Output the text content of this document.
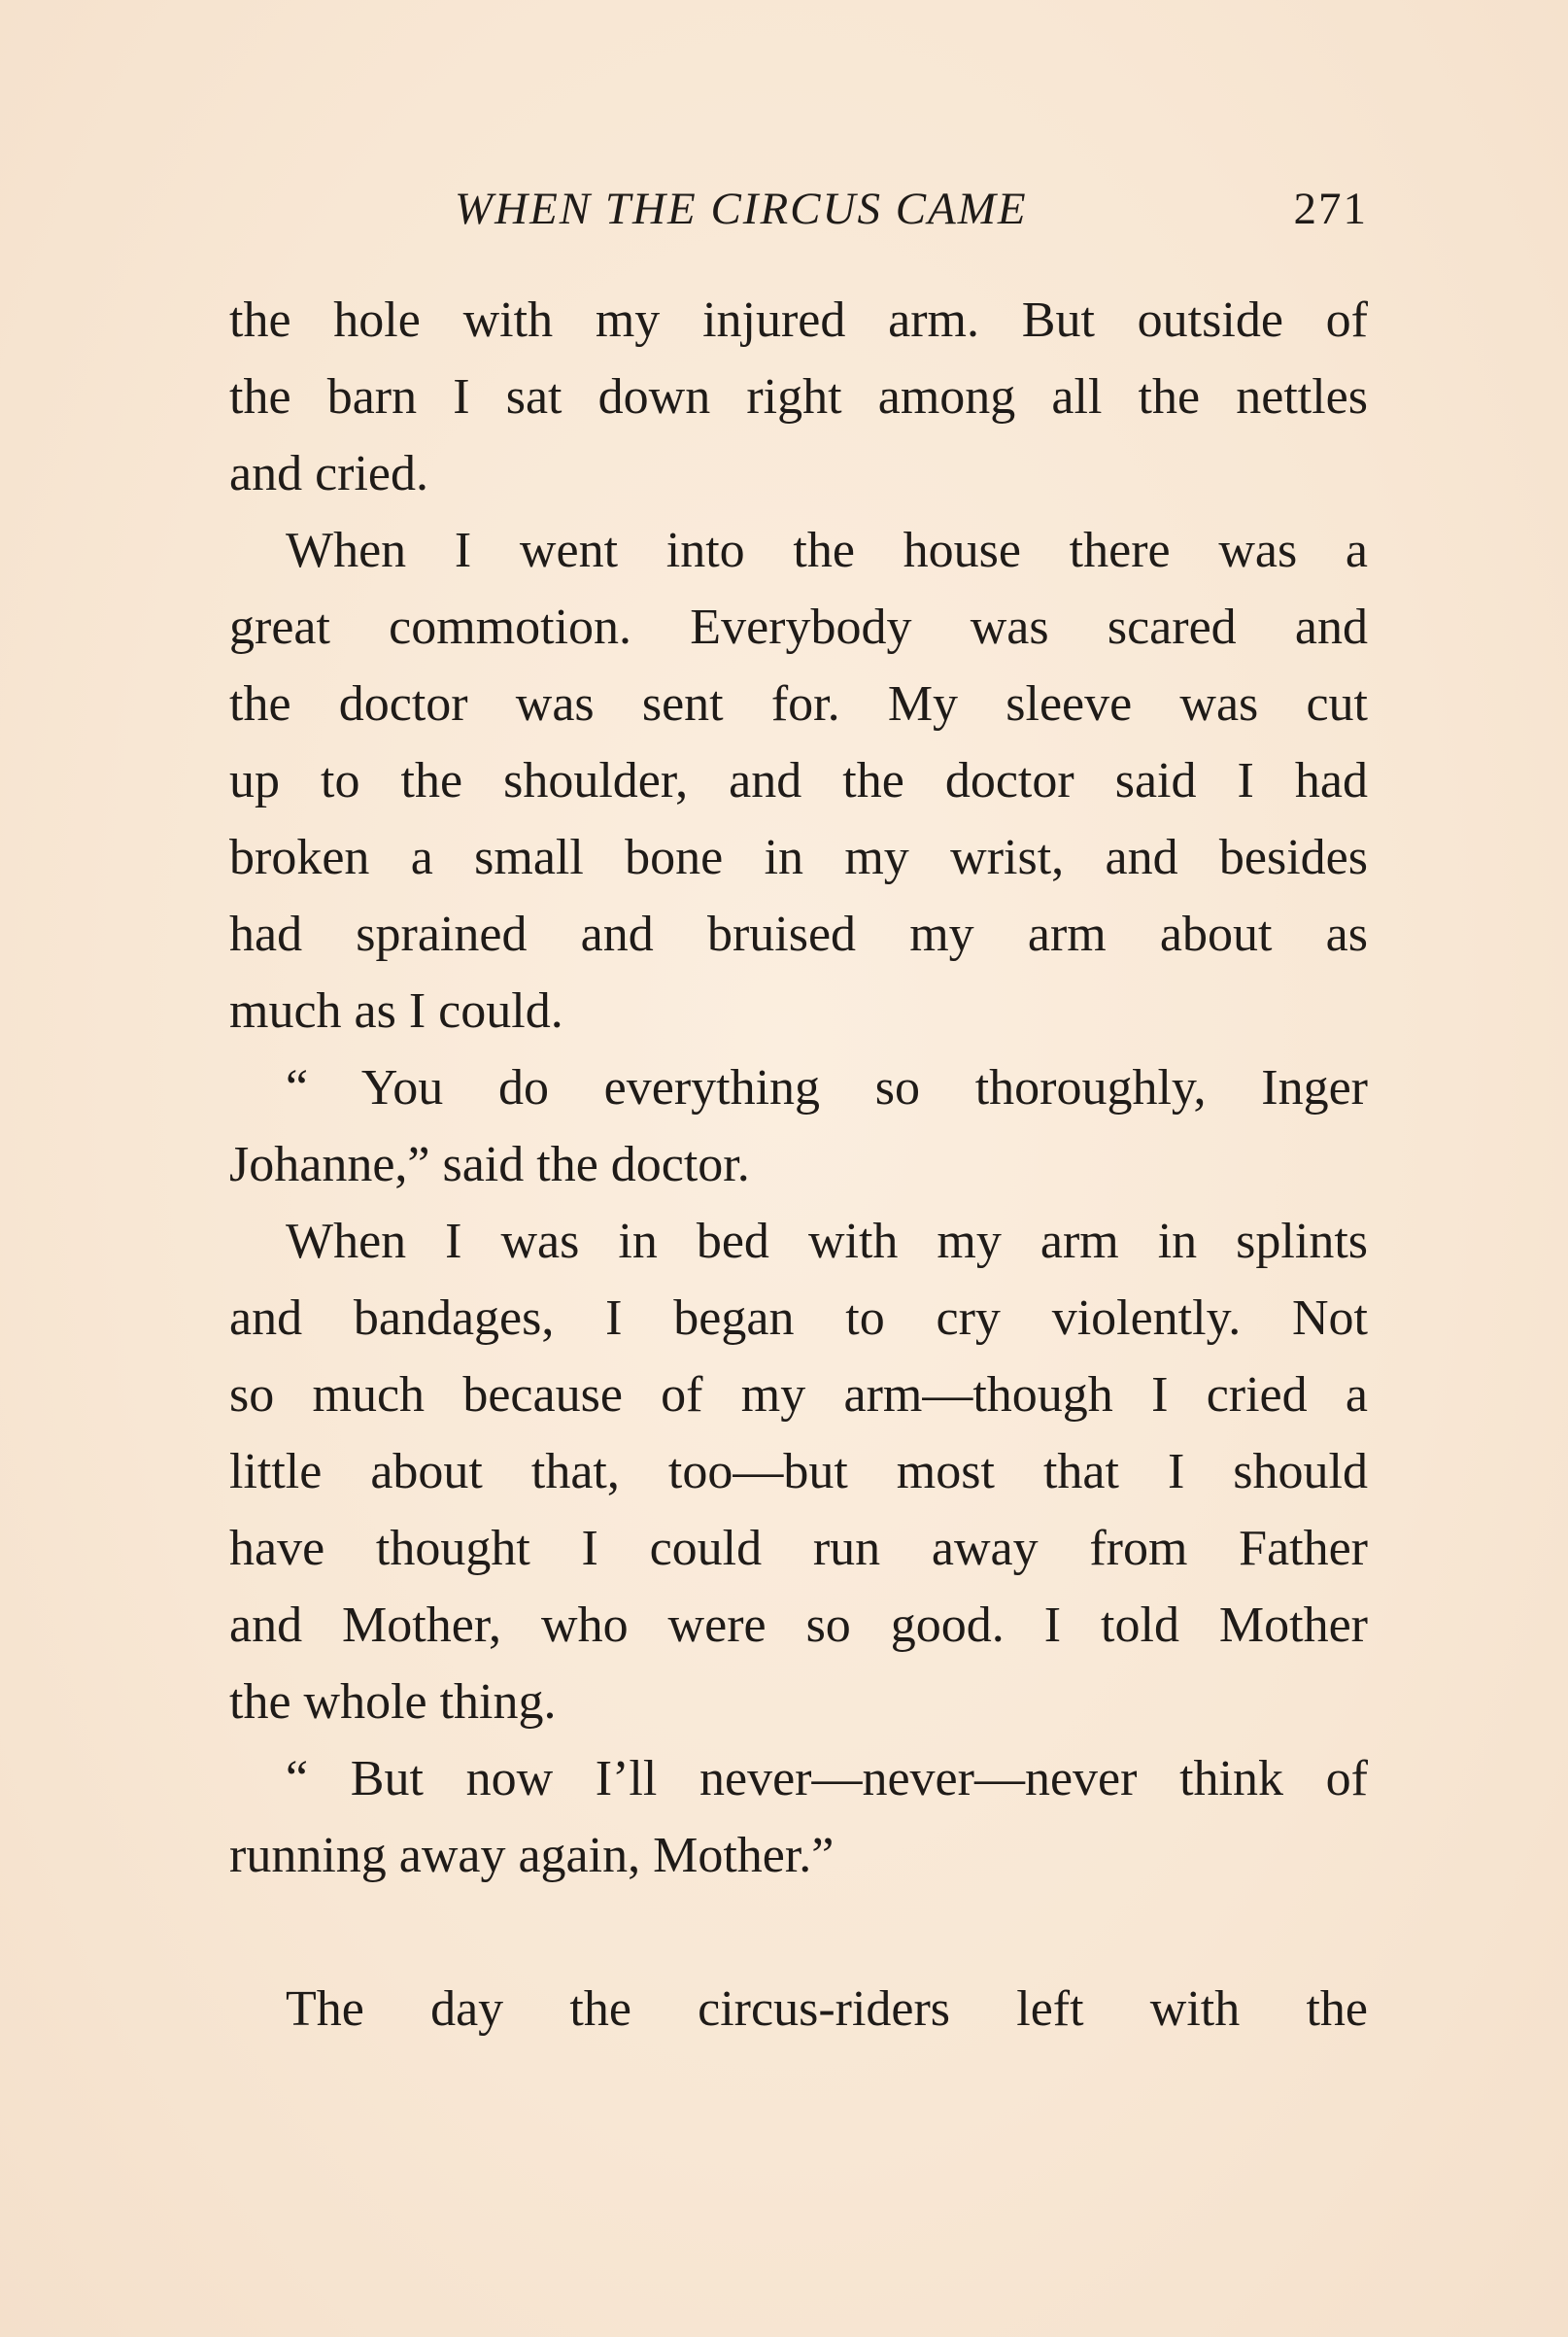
WHEN THE CIRCUS CAME	271
the hole with my injured arm. But outside of
the barn I sat down right among all the nettles
and cried.
When I went into the house there was a
great commotion. Everybody was scared and
the doctor was sent for. My sleeve was cut
up to the shoulder, and the doctor said I had
broken a small bone in my wrist, and besides
had sprained and bruised my arm about as
much as I could.
“ You do everything so thoroughly, Inger
Johanne,” said the doctor.
When I was in bed with my arm in splints
and bandages, I began to cry violently. Not
so much because of my arm—though I cried a
little about that, too—but most that I should
have thought I could run away from Father
and Mother, who were so good. I told Mother
the whole thing.
“ But now I’ll never—never—never think of
running away again, Mother.”
The day the circus-riders left with the
